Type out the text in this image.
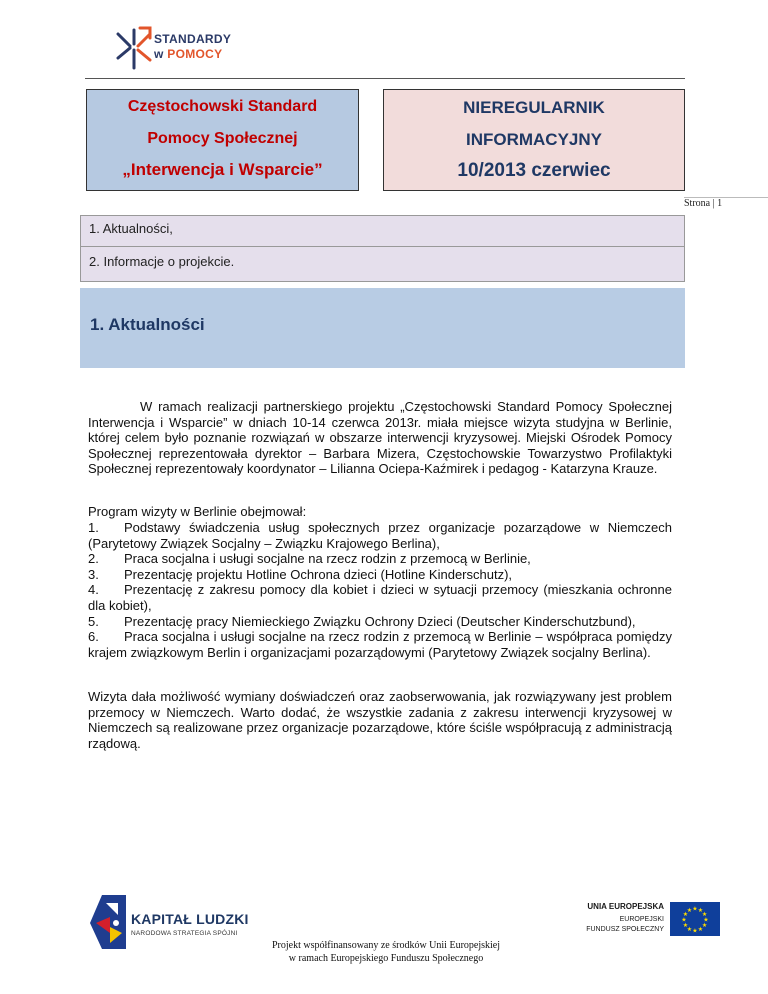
STANDARDY
w POMOCY
Częstochowski Standard
Pomocy Społecznej
„Interwencja i Wsparcie”
NIEREGULARNIK
INFORMACYJNY
10/2013 czerwiec
Strona | 1
1. Aktualności,
2. Informacje o projekcie.
1. Aktualności
W ramach realizacji partnerskiego projektu „Częstochowski Standard Pomocy Społecznej Interwencja i Wsparcie” w dniach 10-14 czerwca 2013r. miała miejsce wizyta studyjna w Berlinie, której celem było poznanie rozwiązań w obszarze interwencji kryzysowej. Miejski Ośrodek Pomocy Społecznej reprezentowała dyrektor – Barbara Mizera, Częstochowskie Towarzystwo Profilaktyki Społecznej reprezentowały koordynator – Lilianna Ociepa-Kaźmirek i pedagog - Katarzyna Krauze.
Program wizyty w Berlinie obejmował:
1. Podstawy świadczenia usług społecznych przez organizacje pozarządowe w Niemczech (Parytetowy Związek Socjalny – Związku Krajowego Berlina),
2. Praca socjalna i usługi socjalne na rzecz rodzin z przemocą w Berlinie,
3. Prezentację projektu Hotline Ochrona dzieci (Hotline Kinderschutz),
4. Prezentację z zakresu pomocy dla kobiet i dzieci w sytuacji przemocy (mieszkania ochronne dla kobiet),
5. Prezentację pracy Niemieckiego Związku Ochrony Dzieci (Deutscher Kinderschutzbund),
6. Praca socjalna i usługi socjalne na rzecz rodzin z przemocą w Berlinie – współpraca pomiędzy krajem związkowym Berlin i organizacjami pozarządowymi (Parytetowy Związek socjalny Berlina).
Wizyta dała możliwość wymiany doświadczeń oraz zaobserwowania, jak rozwiązywany jest problem przemocy w Niemczech. Warto dodać, że wszystkie zadania z zakresu interwencji kryzysowej w Niemczech są realizowane przez organizacje pozarządowe, które ściśle współpracują z administracją rządową.
KAPITAŁ LUDZKI
NARODOWA STRATEGIA SPÓJNI
Projekt współfinansowany ze środków Unii Europejskiej
w ramach Europejskiego Funduszu Społecznego
UNIA EUROPEJSKA
EUROPEJSKI
FUNDUSZ SPOŁECZNY
★ ★
★
★
★
★
★
★
★
★
★
★
